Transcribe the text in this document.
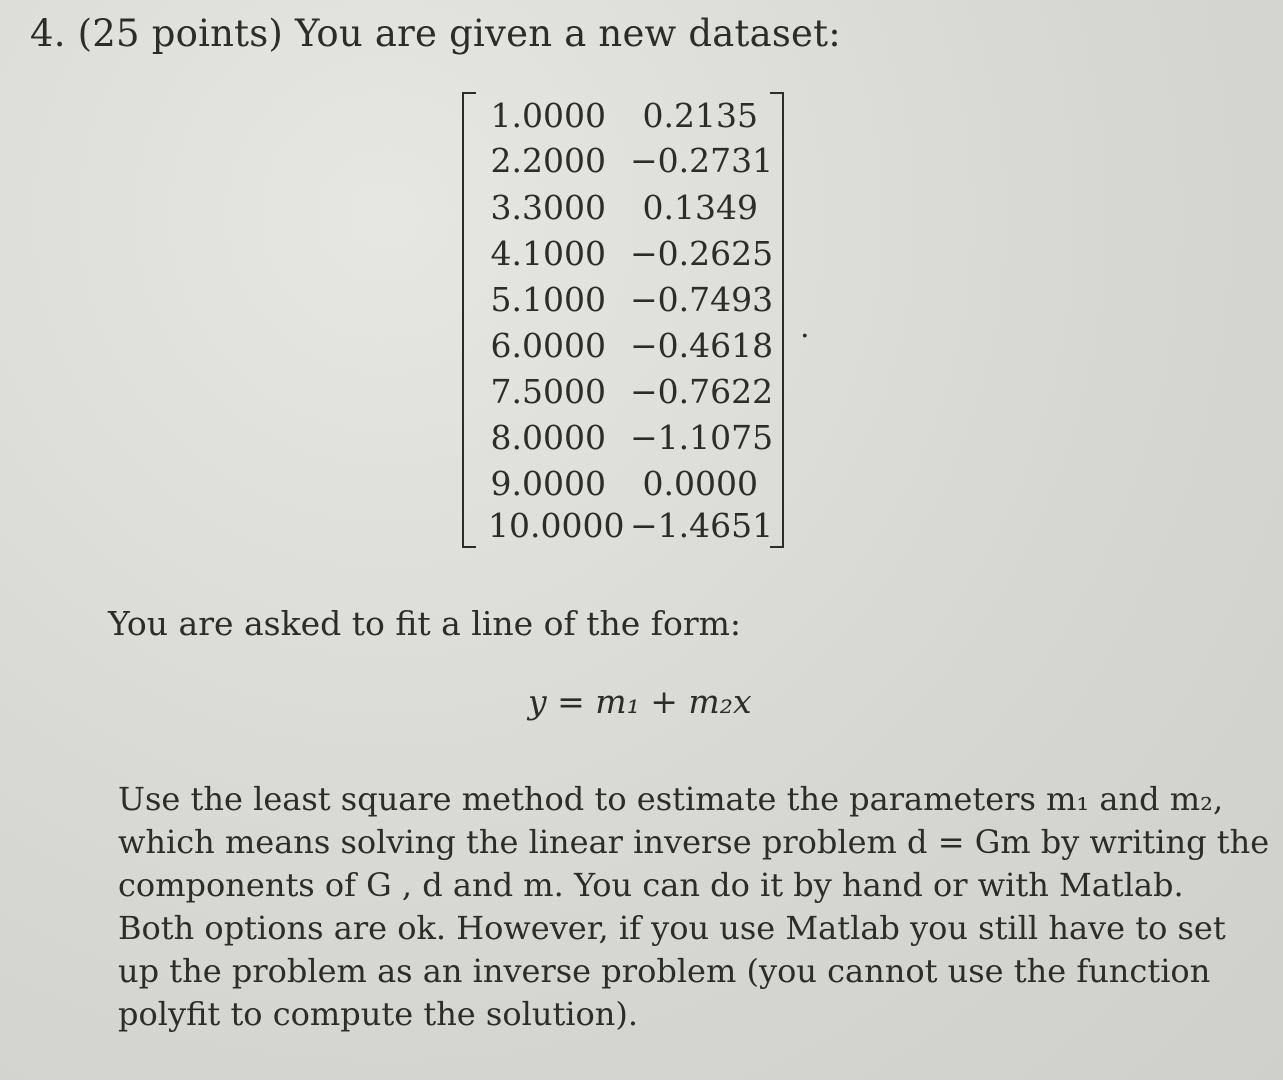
4. (25 points) You are given a new dataset:
1.0000	0.2135
2.2000 −0.2731
3.3000	0.1349
4.1000 −0.2625
5.1000 −0.7493
6.0000 −0.4618
7.5000 −0.7622
8.0000 −1.1075
9.0000	0.0000
10.0000 −1.4651
.
You are asked to fit a line of the form:
y = m₁ + m₂x
Use the least square method to estimate the parameters m₁ and m₂,
which means solving the linear inverse problem d = Gm by writing the
components of G , d and m. You can do it by hand or with Matlab.
Both options are ok. However, if you use Matlab you still have to set
up the problem as an inverse problem (you cannot use the function
polyfit to compute the solution).
